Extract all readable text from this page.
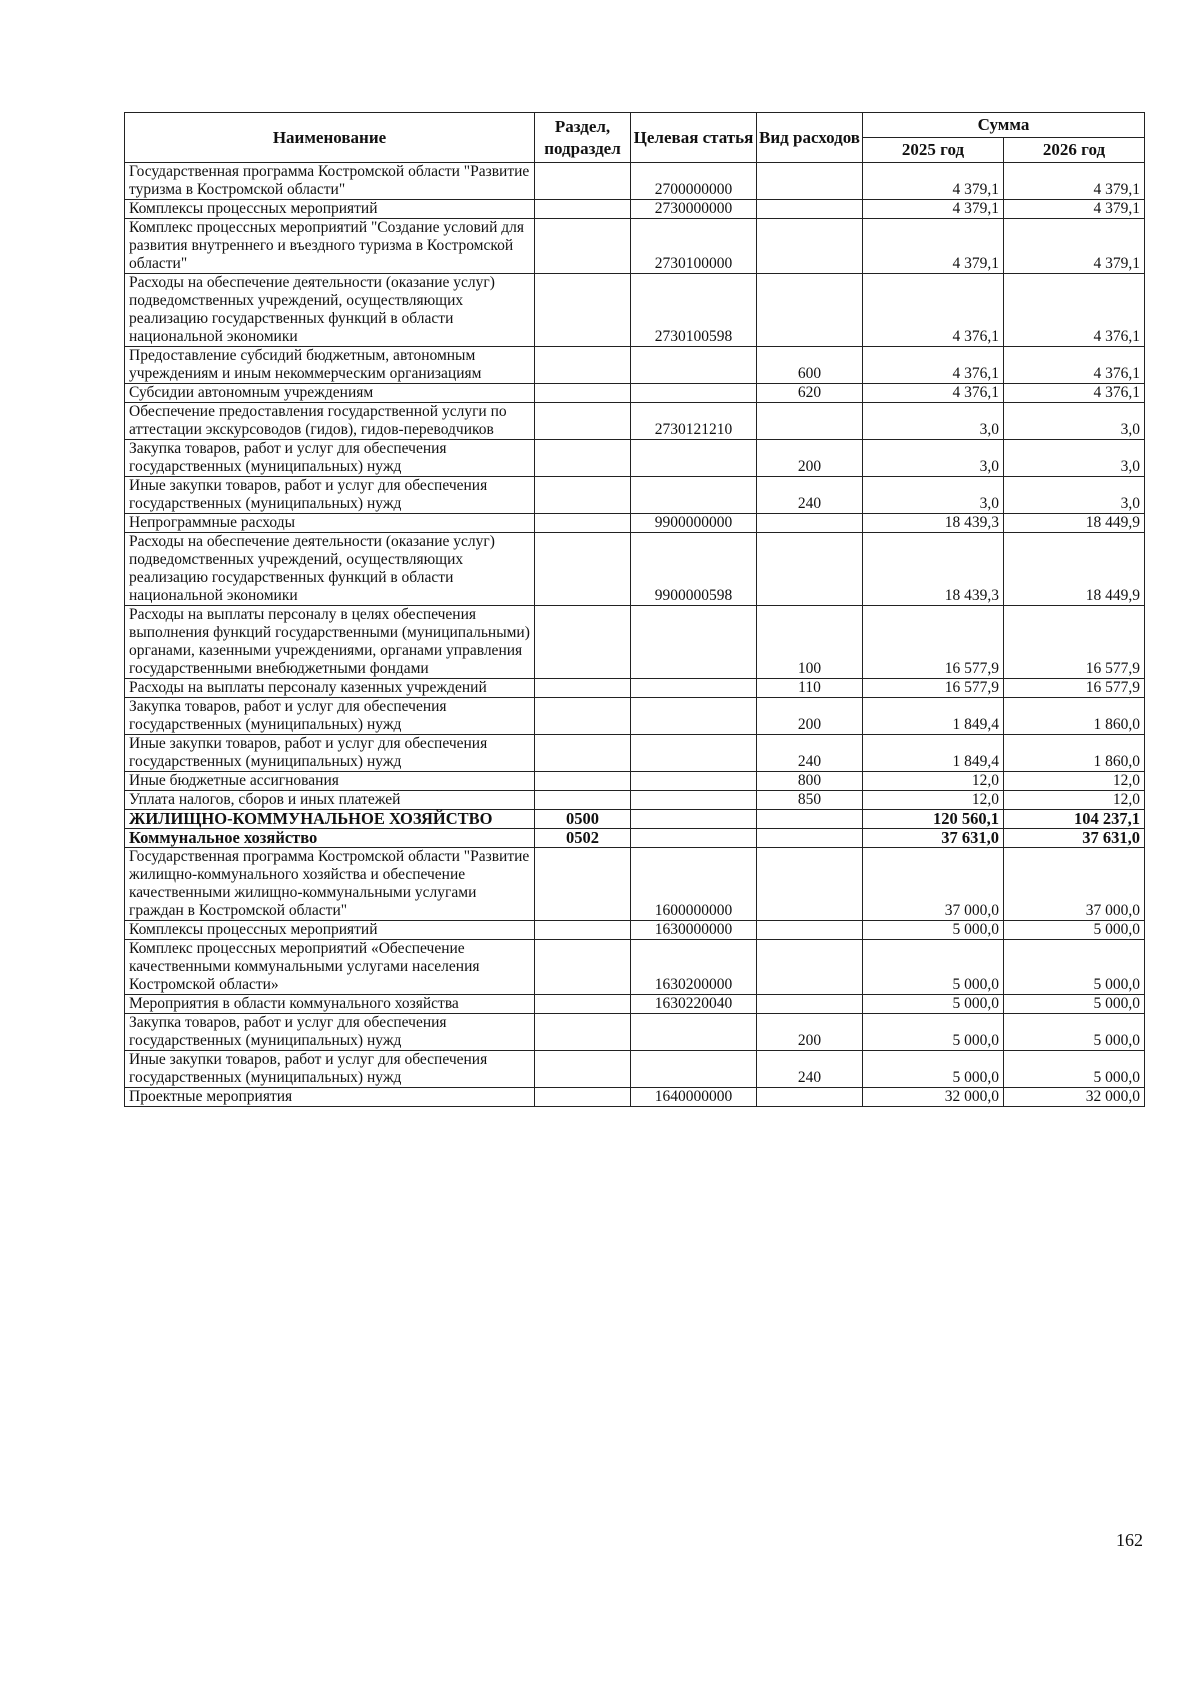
Наименование	Раздел, подраздел	Целевая статья	Вид расходов	Сумма	
				2025 год	2026 год
Государственная программа Костромской области "Развитие туризма в Костромской области"		2700000000		4 379,1	4 379,1
Комплексы процессных мероприятий		2730000000		4 379,1	4 379,1
Комплекс процессных мероприятий "Создание условий для развития внутреннего и въездного туризма в Костромской области"		2730100000		4 379,1	4 379,1
Расходы на обеспечение деятельности (оказание услуг) подведомственных учреждений, осуществляющих реализацию государственных функций в области национальной экономики		2730100598		4 376,1	4 376,1
Предоставление субсидий бюджетным, автономным учреждениям и иным некоммерческим организациям			600	4 376,1	4 376,1
Субсидии автономным учреждениям			620	4 376,1	4 376,1
Обеспечение предоставления государственной услуги по аттестации экскурсоводов (гидов), гидов-переводчиков		2730121210		3,0	3,0
Закупка товаров, работ и услуг для обеспечения государственных (муниципальных) нужд			200	3,0	3,0
Иные закупки товаров, работ и услуг для обеспечения государственных (муниципальных) нужд			240	3,0	3,0
Непрограммные расходы		9900000000		18 439,3	18 449,9
Расходы на обеспечение деятельности (оказание услуг) подведомственных учреждений, осуществляющих реализацию государственных функций в области национальной экономики		9900000598		18 439,3	18 449,9
Расходы на выплаты персоналу в целях обеспечения выполнения функций государственными (муниципальными) органами, казенными учреждениями, органами управления государственными внебюджетными фондами			100	16 577,9	16 577,9
Расходы на выплаты персоналу казенных учреждений			110	16 577,9	16 577,9
Закупка товаров, работ и услуг для обеспечения государственных (муниципальных) нужд			200	1 849,4	1 860,0
Иные закупки товаров, работ и услуг для обеспечения государственных (муниципальных) нужд			240	1 849,4	1 860,0
Иные бюджетные ассигнования			800	12,0	12,0
Уплата налогов, сборов и иных платежей			850	12,0	12,0
ЖИЛИЩНО-КОММУНАЛЬНОЕ ХОЗЯЙСТВО	0500			120 560,1	104 237,1
Коммунальное хозяйство	0502			37 631,0	37 631,0
Государственная программа Костромской области "Развитие жилищно-коммунального хозяйства и обеспечение качественными жилищно-коммунальными услугами граждан в Костромской области"		1600000000		37 000,0	37 000,0
Комплексы процессных мероприятий		1630000000		5 000,0	5 000,0
Комплекс процессных мероприятий «Обеспечение качественными коммунальными услугами населения Костромской области»		1630200000		5 000,0	5 000,0
Мероприятия в области коммунального хозяйства		1630220040		5 000,0	5 000,0
Закупка товаров, работ и услуг для обеспечения государственных (муниципальных) нужд			200	5 000,0	5 000,0
Иные закупки товаров, работ и услуг для обеспечения государственных (муниципальных) нужд			240	5 000,0	5 000,0
Проектные мероприятия		1640000000		32 000,0	32 000,0
162
